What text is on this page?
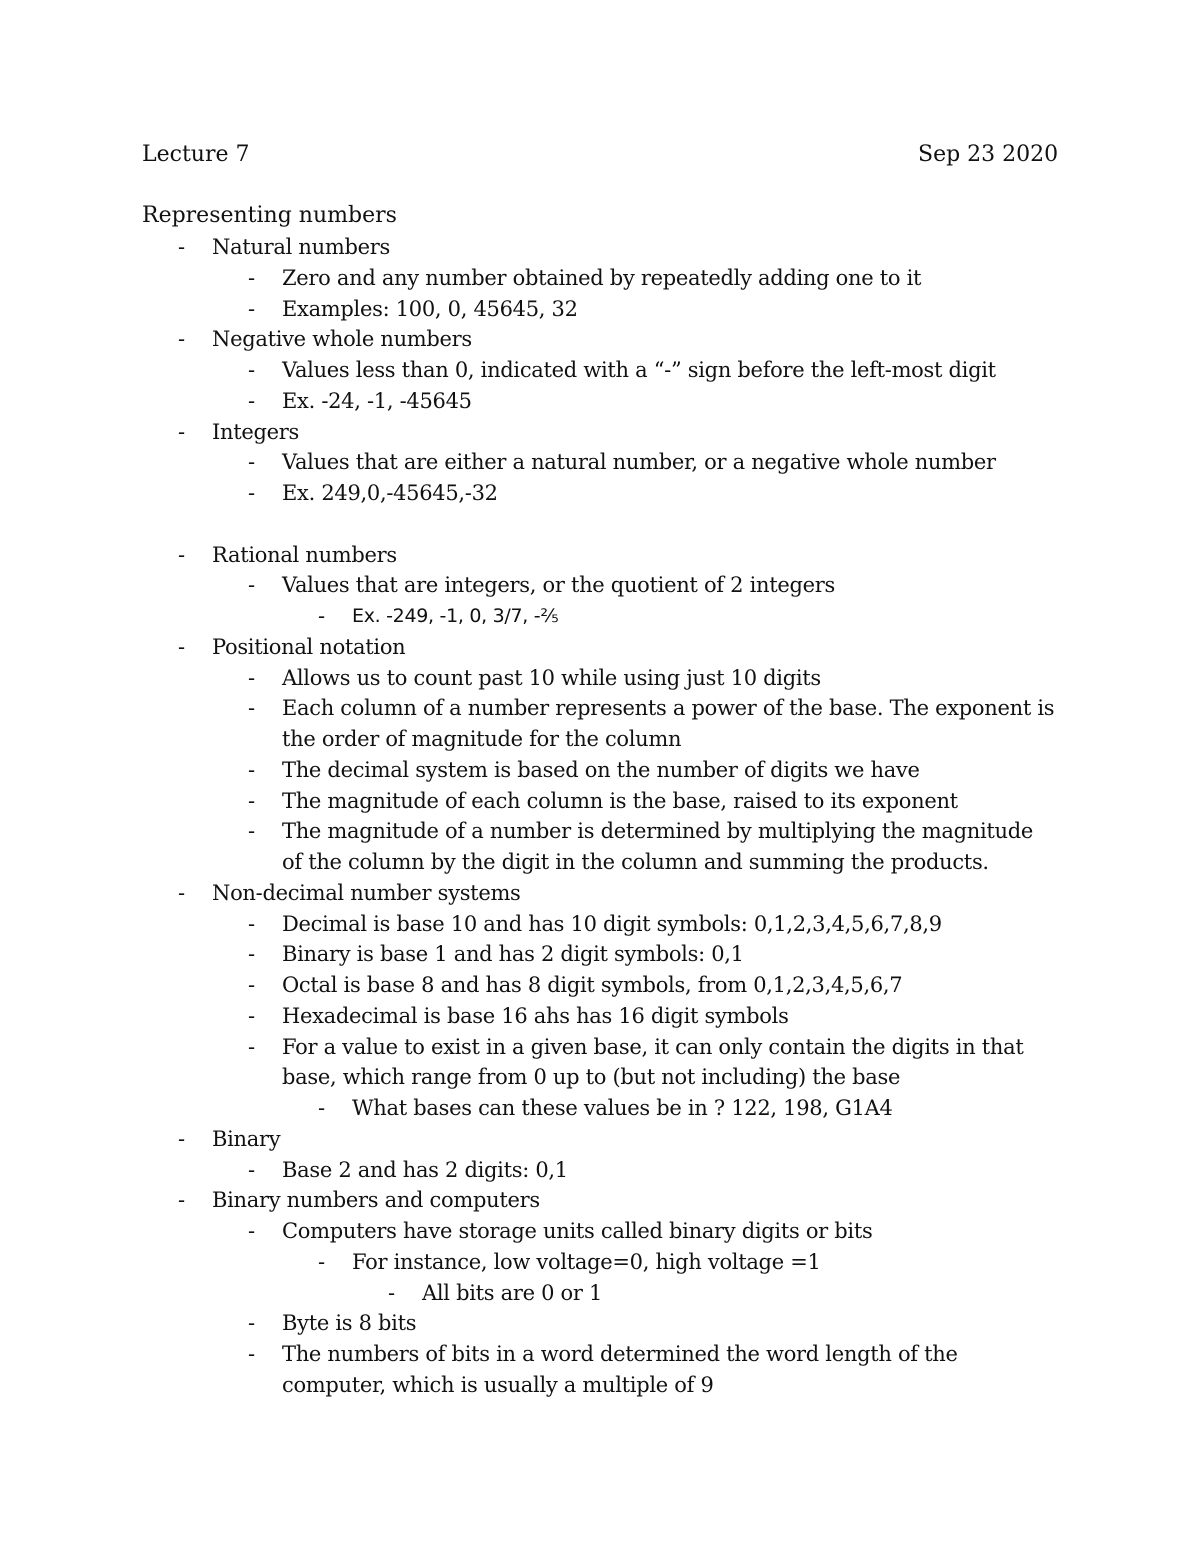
Lecture 7	Sep 23 2020
Representing numbers
- Natural numbers
- Zero and any number obtained by repeatedly adding one to it
- Examples: 100, 0, 45645, 32
- Negative whole numbers
- Values less than 0, indicated with a “-” sign before the left-most digit
- Ex. -24, -1, -45645
- Integers
- Values that are either a natural number, or a negative whole number
- Ex. 249,0,-45645,-32
- Rational numbers
- Values that are integers, or the quotient of 2 integers
- Ex. -249, -1, 0, 3/7, -⅖
- Positional notation
- Allows us to count past 10 while using just 10 digits
- Each column of a number represents a power of the base. The exponent is
the order of magnitude for the column
- The decimal system is based on the number of digits we have
- The magnitude of each column is the base, raised to its exponent
- The magnitude of a number is determined by multiplying the magnitude
of the column by the digit in the column and summing the products.
- Non-decimal number systems
- Decimal is base 10 and has 10 digit symbols: 0,1,2,3,4,5,6,7,8,9
- Binary is base 1 and has 2 digit symbols: 0,1
- Octal is base 8 and has 8 digit symbols, from 0,1,2,3,4,5,6,7
- Hexadecimal is base 16 ahs has 16 digit symbols
- For a value to exist in a given base, it can only contain the digits in that
base, which range from 0 up to (but not including) the base
- What bases can these values be in ? 122, 198, G1A4
- Binary
- Base 2 and has 2 digits: 0,1
- Binary numbers and computers
- Computers have storage units called binary digits or bits
- For instance, low voltage=0, high voltage =1
- All bits are 0 or 1
- Byte is 8 bits
- The numbers of bits in a word determined the word length of the
computer, which is usually a multiple of 9
